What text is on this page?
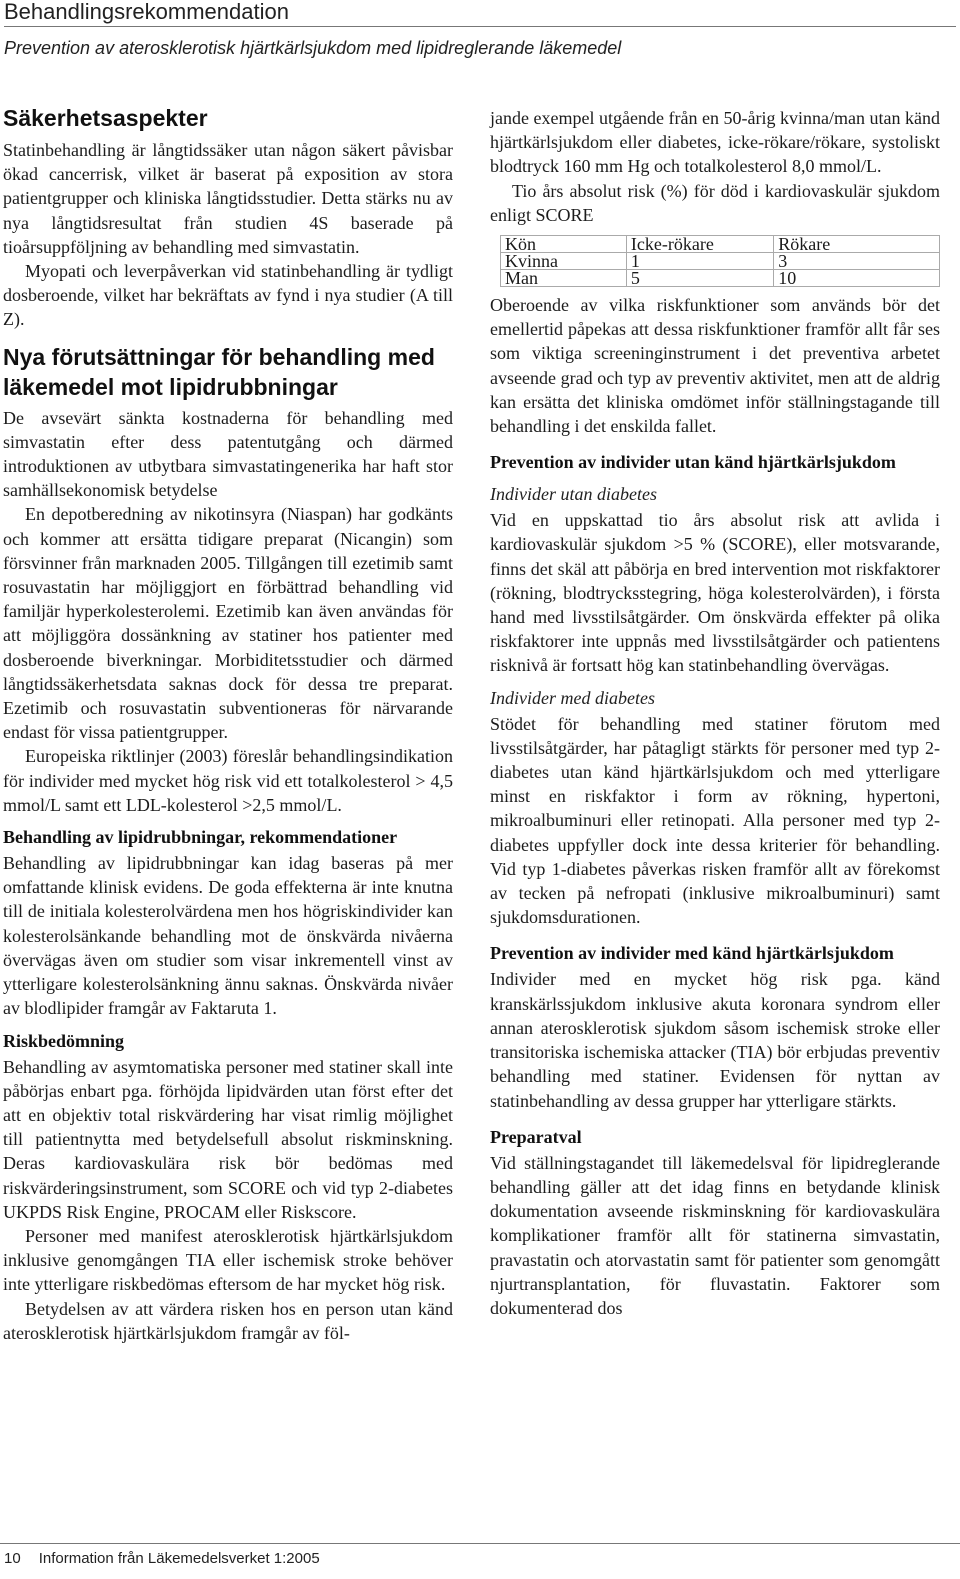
Behandlingsrekommendation
Prevention av aterosklerotisk hjärtkärlsjukdom med lipidreglerande läkemedel
Säkerhetsaspekter

Statinbehandling är långtidssäker utan någon säkert påvisbar ökad cancerrisk, vilket är baserat på exposition av stora patientgrupper och kliniska långtidsstudier. Detta stärks nu av nya långtidsresultat från studien 4S baserade på tioårsuppföljning av behandling med simvastatin.

Myopati och leverpåverkan vid statinbehandling är tydligt dosberoende, vilket har bekräftats av fynd i nya studier (A till Z).

Nya förutsättningar för behandling med läkemedel mot lipidrubbningar

De avsevärt sänkta kostnaderna för behandling med simvastatin efter dess patentutgång och därmed introduktionen av utbytbara simvastatingenerika har haft stor samhällsekonomisk betydelse

En depotberedning av nikotinsyra (Niaspan) har godkänts och kommer att ersätta tidigare preparat (Nicangin) som försvinner från marknaden 2005. Tillgången till ezetimib samt rosuvastatin har möjliggjort en förbättrad behandling vid familjär hyperkolesterolemi. Ezetimib kan även användas för att möjliggöra dossänkning av statiner hos patienter med dosberoende biverkningar. Morbiditetsstudier och därmed långtidssäkerhetsdata saknas dock för dessa tre preparat. Ezetimib och rosuvastatin subventioneras för närvarande endast för vissa patientgrupper.

Europeiska riktlinjer (2003) föreslår behandlingsindikation för individer med mycket hög risk vid ett totalkolesterol > 4,5 mmol/L samt ett LDL-kolesterol >2,5 mmol/L.

Behandling av lipidrubbningar, rekommendationer

Behandling av lipidrubbningar kan idag baseras på mer omfattande klinisk evidens. De goda effekterna är inte knutna till de initiala kolesterolvärdena men hos högriskindivider kan kolesterolsänkande behandling mot de önskvärda nivåerna övervägas även om studier som visar inkrementell vinst av ytterligare kolesterolsänkning ännu saknas. Önskvärda nivåer av blodlipider framgår av Faktaruta 1.

Riskbedömning

Behandling av asymtomatiska personer med statiner skall inte påbörjas enbart pga. förhöjda lipidvärden utan först efter det att en objektiv total riskvärdering har visat rimlig möjlighet till patientnytta med betydelsefull absolut riskminskning. Deras kardiovaskulära risk bör bedömas med riskvärderingsinstrument, som SCORE och vid typ 2-diabetes UKPDS Risk Engine, PROCAM eller Riskscore.

Personer med manifest aterosklerotisk hjärtkärlsjukdom inklusive genomgången TIA eller ischemisk stroke behöver inte ytterligare riskbedömas eftersom de har mycket hög risk.

Betydelsen av att värdera risken hos en person utan känd aterosklerotisk hjärtkärlsjukdom framgår av föl-

jande exempel utgående från en 50-årig kvinna/man utan känd hjärtkärlsjukdom eller diabetes, icke-rökare/rökare, systoliskt blodtryck 160 mm Hg och totalkolesterol 8,0 mmol/L.

Tio års absolut risk (%) för död i kardiovaskulär sjukdom enligt SCORE

Kön	Icke-rökare	Rökare
Kvinna	1	3
Man	5	10

Oberoende av vilka riskfunktioner som används bör det emellertid påpekas att dessa riskfunktioner framför allt får ses som viktiga screeninginstrument i det preventiva arbetet avseende grad och typ av preventiv aktivitet, men att de aldrig kan ersätta det kliniska omdömet inför ställningstagande till behandling i det enskilda fallet.

Prevention av individer utan känd hjärtkärlsjukdom
Individer utan diabetes

Vid en uppskattad tio års absolut risk att avlida i kardiovaskulär sjukdom >5 % (SCORE), eller motsvarande, finns det skäl att påbörja en bred intervention mot riskfaktorer (rökning, blodtrycksstegring, höga kolesterolvärden), i första hand med livsstilsåtgärder. Om önskvärda effekter på olika riskfaktorer inte uppnås med livsstilsåtgärder och patientens risknivå är fortsatt hög kan statinbehandling övervägas.

Individer med diabetes

Stödet för behandling med statiner förutom med livsstilsåtgärder, har påtagligt stärkts för personer med typ 2-diabetes utan känd hjärtkärlsjukdom och med ytterligare minst en riskfaktor i form av rökning, hypertoni, mikroalbuminuri eller retinopati. Alla personer med typ 2-diabetes uppfyller dock inte dessa kriterier för behandling. Vid typ 1-diabetes påverkas risken framför allt av förekomst av tecken på nefropati (inklusive mikroalbuminuri) samt sjukdomsdurationen.

Prevention av individer med känd hjärtkärlsjukdom

Individer med en mycket hög risk pga. känd kranskärlssjukdom inklusive akuta koronara syndrom eller annan aterosklerotisk sjukdom såsom ischemisk stroke eller transitoriska ischemiska attacker (TIA) bör erbjudas preventiv behandling med statiner. Evidensen för nyttan av statinbehandling av dessa grupper har ytterligare stärkts.

Preparatval

Vid ställningstagandet till läkemedelsval för lipidreglerande behandling gäller att det idag finns en betydande klinisk dokumentation avseende riskminskning för kardiovaskulära komplikationer framför allt för statinerna simvastatin, pravastatin och atorvastatin samt för patienter som genomgått njurtransplantation, för fluvastatin. Faktorer som dokumenterad dos

10 Information från Läkemedelsverket 1:2005
